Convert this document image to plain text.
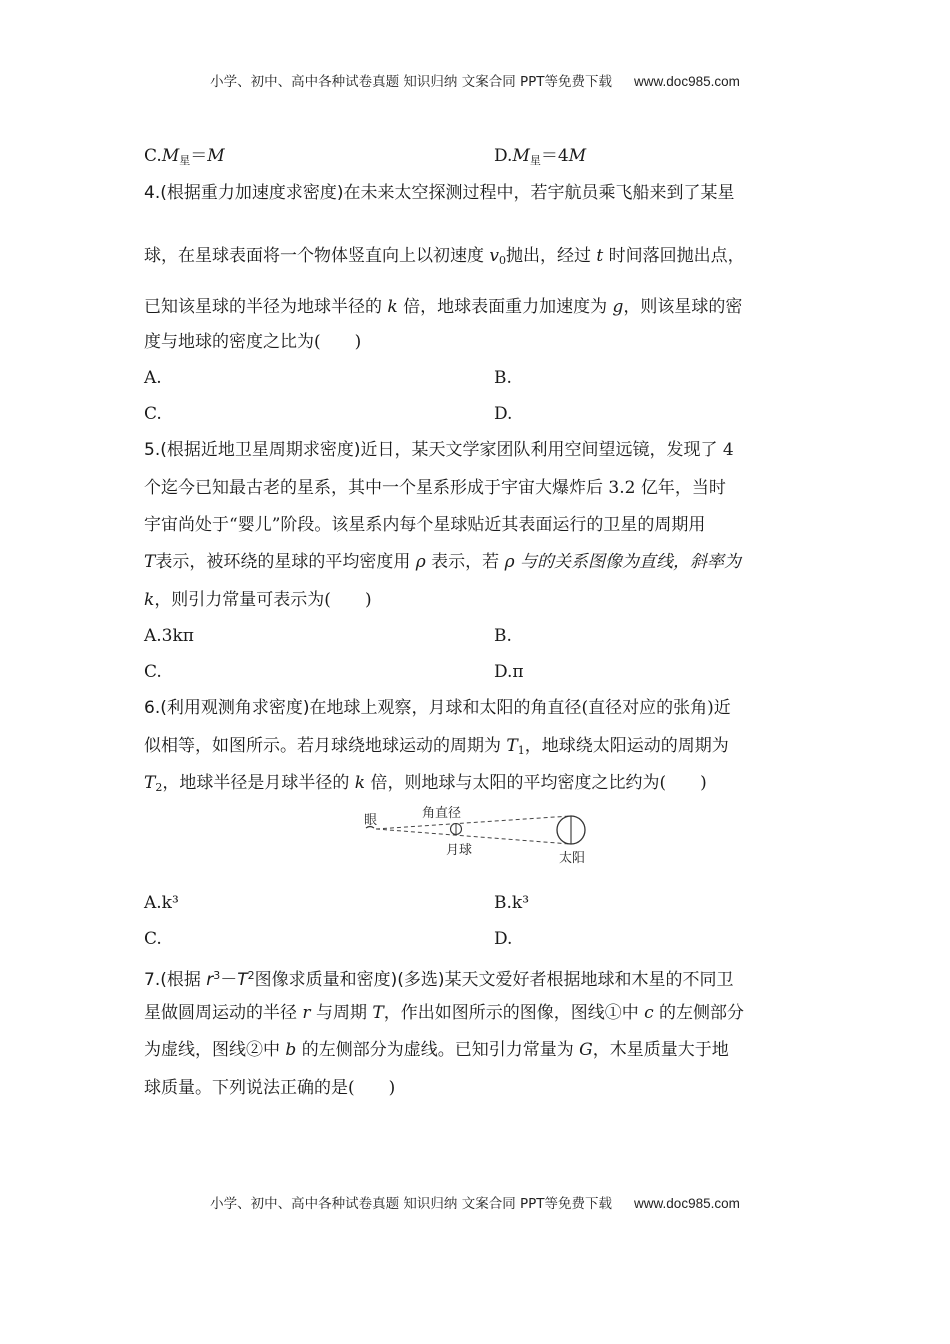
小学、初中、高中各种试卷真题 知识归纳 文案合同 PPT等免费下载 www.doc985.com
$C.M_星=M$	$D.M_星=4M$
4.(根据重力加速度求密度)在未来太空探测过程中，若宇航员乘飞船来到了某星
球，在星球表面将一个物体竖直向上以初速度 $v_0$抛出，经过 t 时间落回抛出点，
已知该星球的半径为地球半径的 k 倍，地球表面重力加速度为 g，则该星球的密
度与地球的密度之比为(　　)
A.	B.
C.	D.
5.(根据近地卫星周期求密度)近日，某天文学家团队利用空间望远镜，发现了 4
个迄今已知最古老的星系，其中一个星系形成于宇宙大爆炸后 3.2 亿年，当时
宇宙尚处于“婴儿”阶段。该星系内每个星球贴近其表面运行的卫星的周期用
T表示，被环绕的星球的平均密度用 ρ 表示，若 ρ 与的关系图像为直线，斜率为
k，则引力常量可表示为(　　)
A.3kπ	B.
C.	D.π
6.(利用观测角求密度)在地球上观察，月球和太阳的角直径(直径对应的张角)近
似相等，如图所示。若月球绕地球运动的周期为 $T_1$，地球绕太阳运动的周期为
$T_2$，地球半径是月球半径的 k 倍，则地球与太阳的平均密度之比约为(　　)
眼	角直径
月球
太阳
A.k³	B.k³
C.	D.
7.(根据 $r^3-T^2$图像求质量和密度)(多选)某天文爱好者根据地球和木星的不同卫
星做圆周运动的半径 r 与周期 T，作出如图所示的图像，图线①中 c 的左侧部分
为虚线，图线②中 b 的左侧部分为虚线。已知引力常量为 G，木星质量大于地
球质量。下列说法正确的是(　　)
小学、初中、高中各种试卷真题 知识归纳 文案合同 PPT等免费下载 www.doc985.com
